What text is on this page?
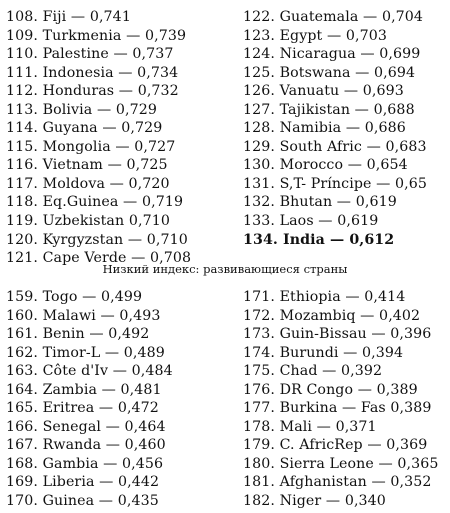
108. Fiji — 0,741
109. Turkmenia — 0,739
110. Palestine — 0,737
111. Indonesia — 0,734
112. Honduras — 0,732
113. Bolivia — 0,729
114. Guyana — 0,729
115. Mongolia — 0,727
116. Vietnam — 0,725
117. Moldova — 0,720
118. Eq.Guinea — 0,719
119. Uzbekistan 0,710
120. Kyrgyzstan — 0,710
121. Cape Verde — 0,708
122. Guatemala — 0,704
123. Egypt — 0,703
124. Nicaragua — 0,699
125. Botswana — 0,694
126. Vanuatu — 0,693
127. Tajikistan — 0,688
128. Namibia — 0,686
129. South Afric — 0,683
130. Morocco — 0,654
131. S,T- Príncipe — 0,65
132. Bhutan — 0,619
133. Laos — 0,619
134. India — 0,612
Низкий индекс: развивающиеся страны
159. Togo — 0,499
160. Malawi — 0,493
161. Benin — 0,492
162. Timor-L — 0,489
163. Côte d'Iv — 0,484
164. Zambia — 0,481
165. Eritrea — 0,472
166. Senegal — 0,464
167. Rwanda — 0,460
168. Gambia — 0,456
169. Liberia — 0,442
170. Guinea — 0,435
171. Ethiopia — 0,414
172. Mozambiq — 0,402
173. Guin-Bissau — 0,396
174. Burundi — 0,394
175. Chad — 0,392
176. DR Congo — 0,389
177. Burkina — Fas 0,389
178. Mali — 0,371
179. C. AfricRep — 0,369
180. Sierra Leone — 0,365
181. Afghanistan — 0,352
182. Niger — 0,340
